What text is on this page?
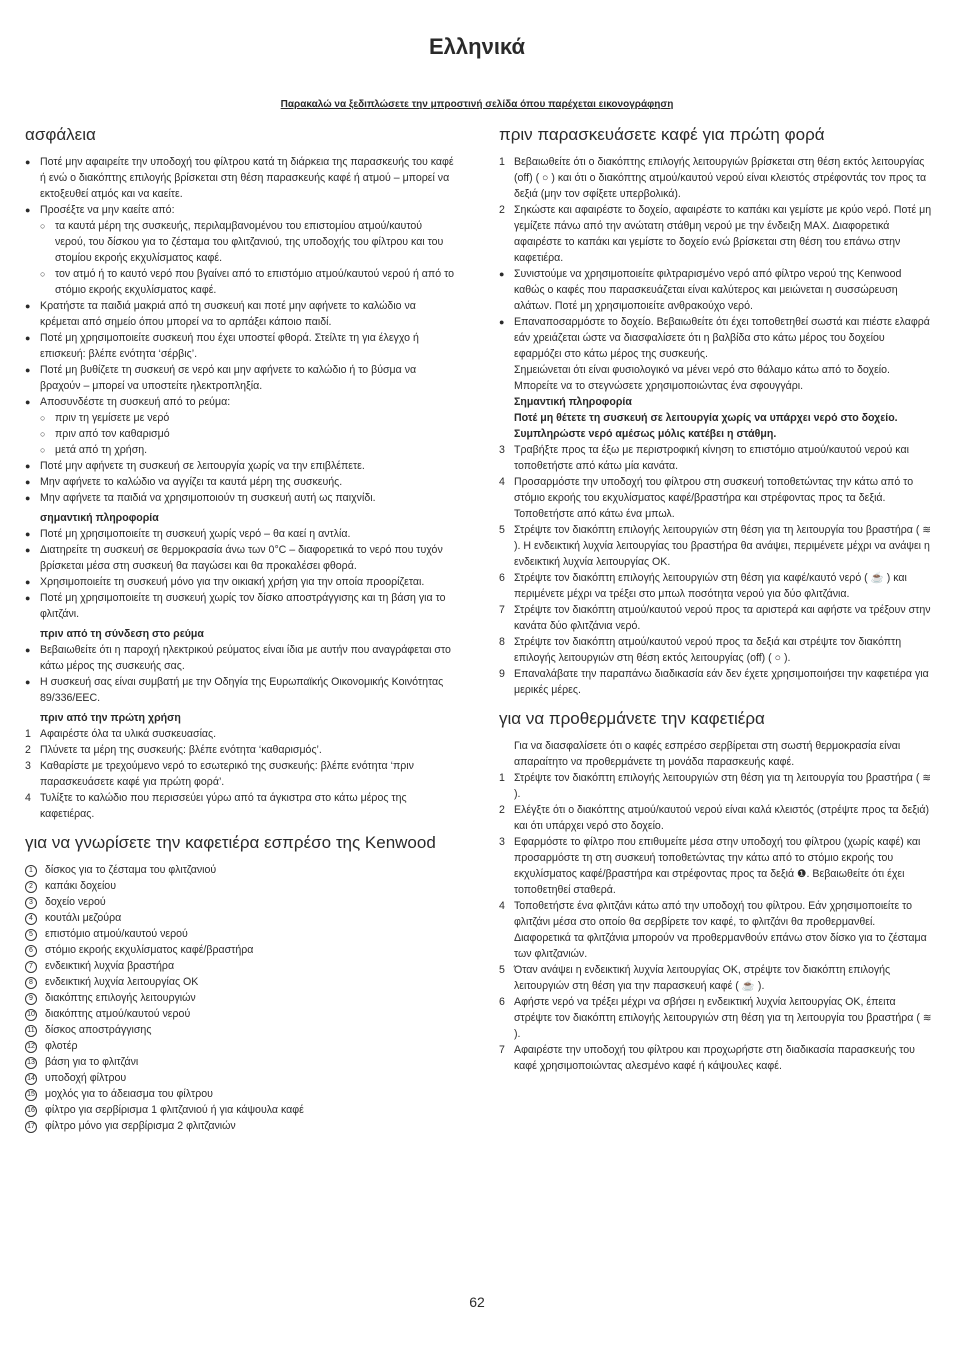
Ελληνικά
Παρακαλώ να ξεδιπλώσετε την μπροστινή σελίδα όπου παρέχεται εικονογράφηση
ασφάλεια
● Ποτέ μην αφαιρείτε την υποδοχή του φίλτρου κατά τη διάρκεια της παρασκευής του καφέ ή ενώ ο διακόπτης επιλογής βρίσκεται στη θέση παρασκευής καφέ ή ατμού – μπορεί να εκτοξευθεί ατμός και να καείτε.
● Προσέξτε να μην καείτε από:
○ τα καυτά μέρη της συσκευής, περιλαμβανομένου του επιστομίου ατμού/καυτού νερού, του δίσκου για το ζέσταμα του φλιτζανιού, της υποδοχής του φίλτρου και του στομίου εκροής εκχυλίσματος καφέ.
○ τον ατμό ή το καυτό νερό που βγαίνει από το επιστόμιο ατμού/καυτού νερού ή από το στόμιο εκροής εκχυλίσματος καφέ.
● Κρατήστε τα παιδιά μακριά από τη συσκευή και ποτέ μην αφήνετε το καλώδιο να κρέμεται από σημείο όπου μπορεί να το αρπάξει κάποιο παιδί.
● Ποτέ μη χρησιμοποιείτε συσκευή που έχει υποστεί φθορά. Στείλτε τη για έλεγχο ή επισκευή: βλέπε ενότητα ‘σέρβις’.
● Ποτέ μη βυθίζετε τη συσκευή σε νερό και μην αφήνετε το καλώδιο ή το βύσμα να βραχούν – μπορεί να υποστείτε ηλεκτροπληξία.
● Αποσυνδέστε τη συσκευή από το ρεύμα:
○ πριν τη γεμίσετε με νερό
○ πριν από τον καθαρισμό
○ μετά από τη χρήση.
● Ποτέ μην αφήνετε τη συσκευή σε λειτουργία χωρίς να την επιβλέπετε.
● Μην αφήνετε το καλώδιο να αγγίζει τα καυτά μέρη της συσκευής.
● Μην αφήνετε τα παιδιά να χρησιμοποιούν τη συσκευή αυτή ως παιχνίδι.
σημαντική πληροφορία
● Ποτέ μη χρησιμοποιείτε τη συσκευή χωρίς νερό – θα καεί η αντλία.
● Διατηρείτε τη συσκευή σε θερμοκρασία άνω των 0°C – διαφορετικά το νερό που τυχόν βρίσκεται μέσα στη συσκευή θα παγώσει και θα προκαλέσει φθορά.
● Χρησιμοποιείτε τη συσκευή μόνο για την οικιακή χρήση για την οποία προορίζεται.
● Ποτέ μη χρησιμοποιείτε τη συσκευή χωρίς τον δίσκο αποστράγγισης και τη βάση για το φλιτζάνι.
πριν από τη σύνδεση στο ρεύμα
● Βεβαιωθείτε ότι η παροχή ηλεκτρικού ρεύματος είναι ίδια με αυτήν που αναγράφεται στο κάτω μέρος της συσκευής σας.
● Η συσκευή σας είναι συμβατή με την Οδηγία της Ευρωπαϊκής Οικονομικής Κοινότητας 89/336/EEC.
πριν από την πρώτη χρήση
1 Αφαιρέστε όλα τα υλικά συσκευασίας.
2 Πλύνετε τα μέρη της συσκευής: βλέπε ενότητα ‘καθαρισμός’.
3 Καθαρίστε με τρεχούμενο νερό το εσωτερικό της συσκευής: βλέπε ενότητα ‘πριν παρασκευάσετε καφέ για πρώτη φορά’.
4 Τυλίξτε το καλώδιο που περισσεύει γύρω από τα άγκιστρα στο κάτω μέρος της καφετιέρας.
για να γνωρίσετε την καφετιέρα εσπρέσο της Kenwood
1	δίσκος για το ζέσταμα του φλιτζανιού
2	καπάκι δοχείου
3	δοχείο νερού
4	κουτάλι μεζούρα
5	επιστόμιο ατμού/καυτού νερού
6	στόμιο εκροής εκχυλίσματος καφέ/βραστήρα
7	ενδεικτική λυχνία βραστήρα
8	ενδεικτική λυχνία λειτουργίας OK
9	διακόπτης επιλογής λειτουργιών
10 διακόπτης ατμού/καυτού νερού
11 δίσκος αποστράγγισης
12 φλοτέρ
13 βάση για το φλιτζάνι
14 υποδοχή φίλτρου
15 μοχλός για το άδειασμα του φίλτρου
16 φίλτρο για σερβίρισμα 1 φλιτζανιού ή για κάψουλα καφέ
17 φίλτρο μόνο για σερβίρισμα 2 φλιτζανιών
πριν παρασκευάσετε καφέ για πρώτη φορά
1 Βεβαιωθείτε ότι ο διακόπτης επιλογής λειτουργιών βρίσκεται στη θέση εκτός λειτουργίας (off) ( ○ ) και ότι ο διακόπτης ατμού/καυτού νερού είναι κλειστός στρέφοντάς τον προς τα δεξιά (μην τον σφίξετε υπερβολικά).
2 Σηκώστε και αφαιρέστε το δοχείο, αφαιρέστε το καπάκι και γεμίστε με κρύο νερό. Ποτέ μη γεμίζετε πάνω από την ανώτατη στάθμη νερού με την ένδειξη MAX. Διαφορετικά αφαιρέστε το καπάκι και γεμίστε το δοχείο ενώ βρίσκεται στη θέση του επάνω στην καφετιέρα.
● Συνιστούμε να χρησιμοποιείτε φιλτραρισμένο νερό από φίλτρο νερού της Kenwood καθώς ο καφές που παρασκευάζεται είναι καλύτερος και μειώνεται η συσσώρευση αλάτων. Ποτέ μη χρησιμοποιείτε ανθρακούχο νερό.
● Επαναποσαρμόστε το δοχείο. Βεβαιωθείτε ότι έχει τοποθετηθεί σωστά και πιέστε ελαφρά εάν χρειάζεται ώστε να διασφαλίσετε ότι η βαλβίδα στο κάτω μέρος του δοχείου εφαρμόζει στο κάτω μέρος της συσκευής.
Σημειώνεται ότι είναι φυσιολογικό να μένει νερό στο θάλαμο κάτω από το δοχείο. Μπορείτε να το στεγνώσετε χρησιμοποιώντας ένα σφουγγάρι.
Σημαντική πληροφορία
Ποτέ μη θέτετε τη συσκευή σε λειτουργία χωρίς να υπάρχει νερό στο δοχείο. Συμπληρώστε νερό αμέσως μόλις κατέβει η στάθμη.
3 Τραβήξτε προς τα έξω με περιστροφική κίνηση το επιστόμιο ατμού/καυτού νερού και τοποθετήστε από κάτω μία κανάτα.
4 Προσαρμόστε την υποδοχή του φίλτρου στη συσκευή τοποθετώντας την κάτω από το στόμιο εκροής του εκχυλίσματος καφέ/βραστήρα και στρέφοντας προς τα δεξιά. Τοποθετήστε από κάτω ένα μπωλ.
5 Στρέψτε τον διακόπτη επιλογής λειτουργιών στη θέση για τη λειτουργία του βραστήρα ( ≋ ). Η ενδεικτική λυχνία λειτουργίας του βραστήρα θα ανάψει, περιμένετε μέχρι να ανάψει η ενδεικτική λυχνία λειτουργίας OK.
6 Στρέψτε τον διακόπτη επιλογής λειτουργιών στη θέση για καφέ/καυτό νερό ( ☕ ) και περιμένετε μέχρι να τρέξει στο μπωλ ποσότητα νερού για δύο φλιτζάνια.
7 Στρέψτε τον διακόπτη ατμού/καυτού νερού προς τα αριστερά και αφήστε να τρέξουν στην κανάτα δύο φλιτζάνια νερό.
8 Στρέψτε τον διακόπτη ατμού/καυτού νερού προς τα δεξιά και στρέψτε τον διακόπτη επιλογής λειτουργιών στη θέση εκτός λειτουργίας (off) ( ○ ).
9 Επαναλάβατε την παραπάνω διαδικασία εάν δεν έχετε χρησιμοποιήσει την καφετιέρα για μερικές μέρες.
για να προθερμάνετε την καφετιέρα
Για να διασφαλίσετε ότι ο καφές εσπρέσο σερβίρεται στη σωστή θερμοκρασία είναι απαραίτητο να προθερμάνετε τη μονάδα παρασκευής καφέ.
1 Στρέψτε τον διακόπτη επιλογής λειτουργιών στη θέση για τη λειτουργία του βραστήρα ( ≋ ).
2 Ελέγξτε ότι ο διακόπτης ατμού/καυτού νερού είναι καλά κλειστός (στρέψτε προς τα δεξιά) και ότι υπάρχει νερό στο δοχείο.
3 Εφαρμόστε το φίλτρο που επιθυμείτε μέσα στην υποδοχή του φίλτρου (χωρίς καφέ) και προσαρμόστε τη στη συσκευή τοποθετώντας την κάτω από το στόμιο εκροής του εκχυλίσματος καφέ/βραστήρα και στρέφοντας προς τα δεξιά ❶. Βεβαιωθείτε ότι έχει τοποθετηθεί σταθερά.
4 Τοποθετήστε ένα φλιτζάνι κάτω από την υποδοχή του φίλτρου. Εάν χρησιμοποιείτε το φλιτζάνι μέσα στο οποίο θα σερβίρετε τον καφέ, το φλιτζάνι θα προθερμανθεί. Διαφορετικά τα φλιτζάνια μπορούν να προθερμανθούν επάνω στον δίσκο για το ζέσταμα των φλιτζανιών.
5 Όταν ανάψει η ενδεικτική λυχνία λειτουργίας OK, στρέψτε τον διακόπτη επιλογής λειτουργιών στη θέση για την παρασκευή καφέ ( ☕ ).
6 Αφήστε νερό να τρέξει μέχρι να σβήσει η ενδεικτική λυχνία λειτουργίας OK, έπειτα στρέψτε τον διακόπτη επιλογής λειτουργιών στη θέση για τη λειτουργία του βραστήρα ( ≋ ).
7 Αφαιρέστε την υποδοχή του φίλτρου και προχωρήστε στη διαδικασία παρασκευής του καφέ χρησιμοποιώντας αλεσμένο καφέ ή κάψουλες καφέ.
62
